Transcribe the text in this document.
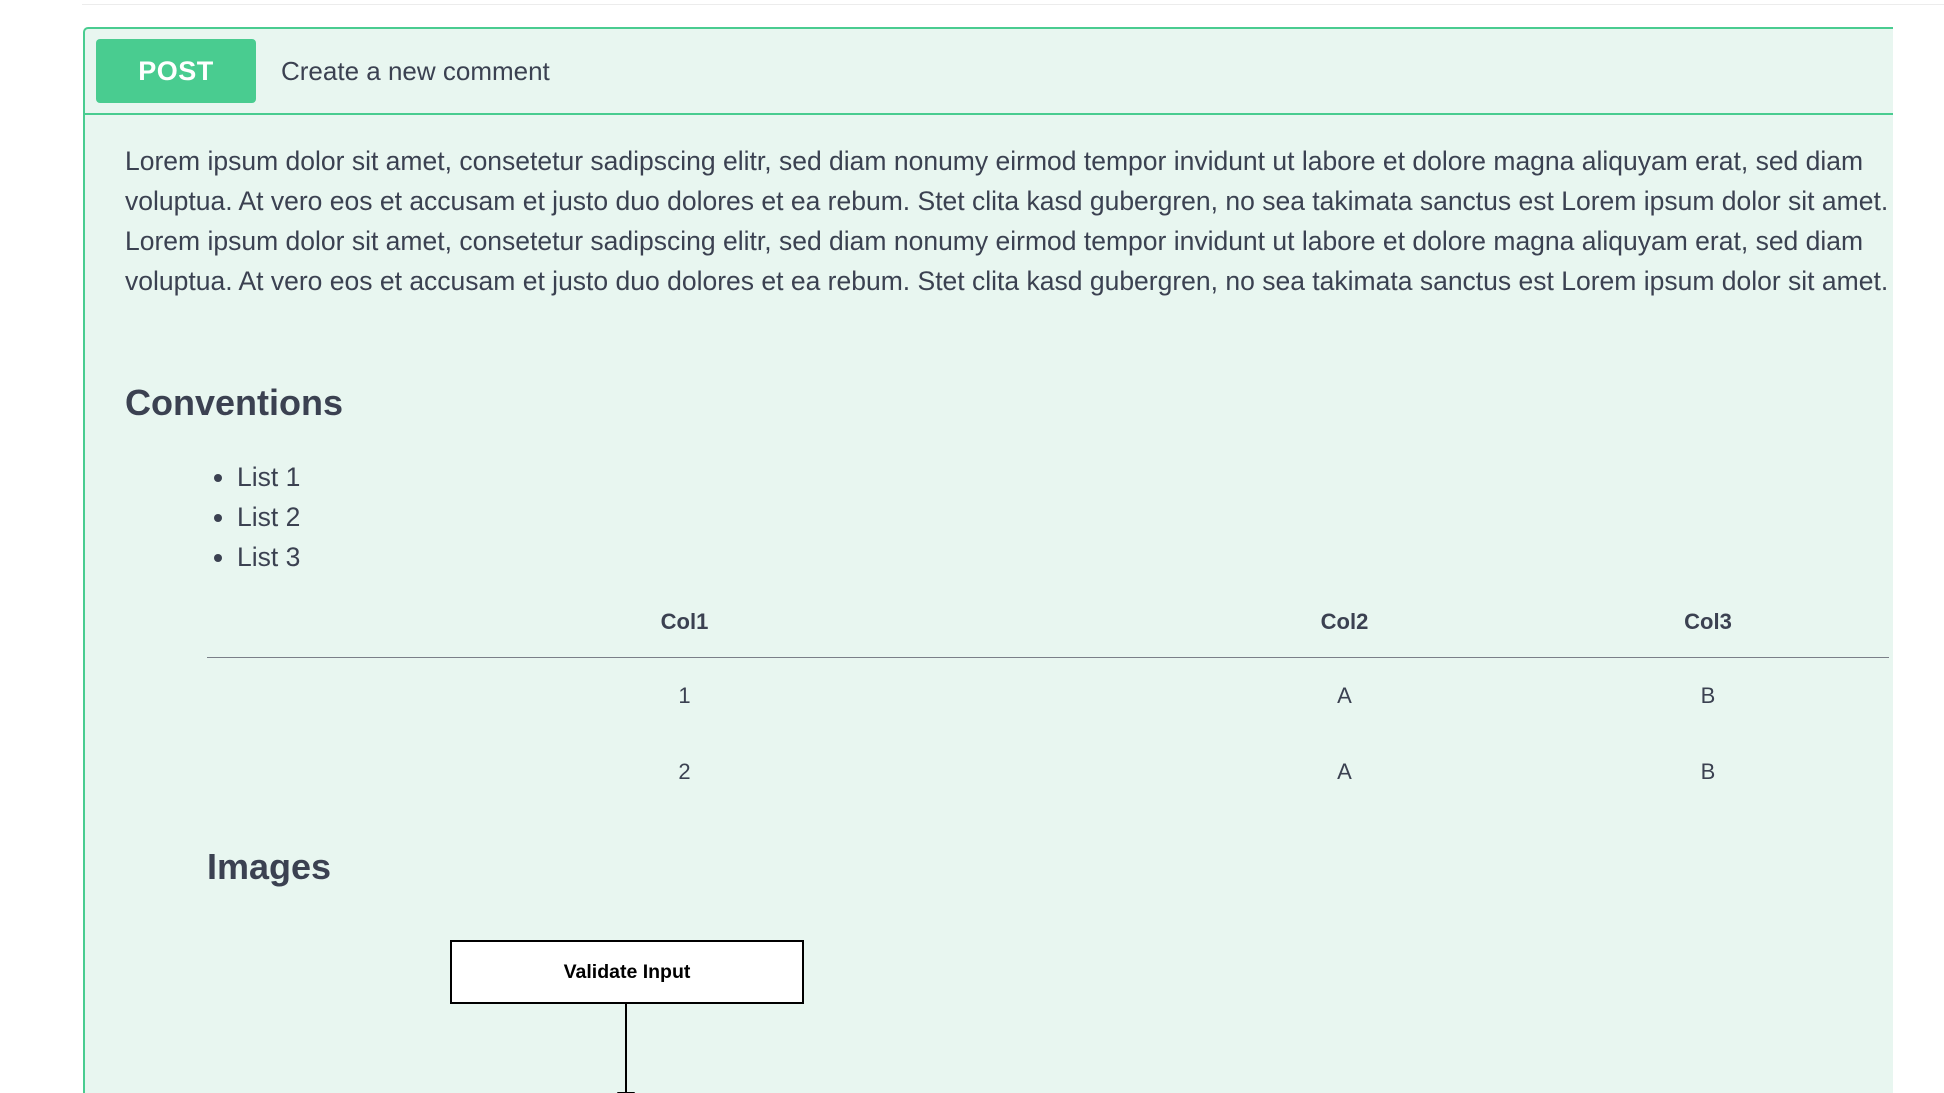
POST	Create a new comment

Lorem ipsum dolor sit amet, consetetur sadipscing elitr, sed diam nonumy eirmod tempor invidunt ut labore et dolore magna aliquyam erat, sed diam voluptua. At vero eos et accusam et justo duo dolores et ea rebum. Stet clita kasd gubergren, no sea takimata sanctus est Lorem ipsum dolor sit amet. Lorem ipsum dolor sit amet, consetetur sadipscing elitr, sed diam nonumy eirmod tempor invidunt ut labore et dolore magna aliquyam erat, sed diam voluptua. At vero eos et accusam et justo duo dolores et ea rebum. Stet clita kasd gubergren, no sea takimata sanctus est Lorem ipsum dolor sit amet.

Conventions
• List 1
• List 2
• List 3
Col1	Col2	Col3
1	A	B
2	A	B
Images
Validate Input
